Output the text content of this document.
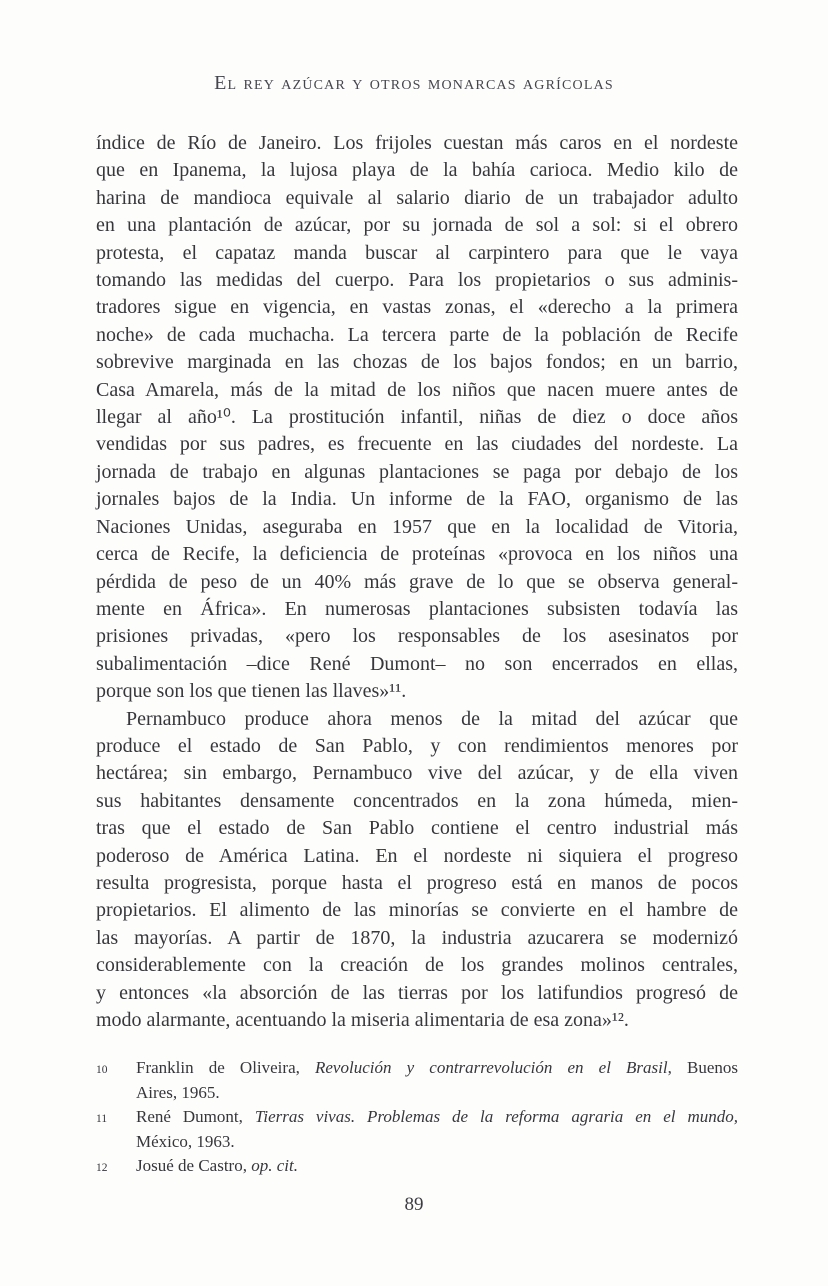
El rey azúcar y otros monarcas agrícolas
índice de Río de Janeiro. Los frijoles cuestan más caros en el nordeste
que en Ipanema, la lujosa playa de la bahía carioca. Medio kilo de
harina de mandioca equivale al salario diario de un trabajador adulto
en una plantación de azúcar, por su jornada de sol a sol: si el obrero
protesta, el capataz manda buscar al carpintero para que le vaya
tomando las medidas del cuerpo. Para los propietarios o sus adminis-
tradores sigue en vigencia, en vastas zonas, el «derecho a la primera
noche» de cada muchacha. La tercera parte de la población de Recife
sobrevive marginada en las chozas de los bajos fondos; en un barrio,
Casa Amarela, más de la mitad de los niños que nacen muere antes de
llegar al año¹⁰. La prostitución infantil, niñas de diez o doce años
vendidas por sus padres, es frecuente en las ciudades del nordeste. La
jornada de trabajo en algunas plantaciones se paga por debajo de los
jornales bajos de la India. Un informe de la FAO, organismo de las
Naciones Unidas, aseguraba en 1957 que en la localidad de Vitoria,
cerca de Recife, la deficiencia de proteínas «provoca en los niños una
pérdida de peso de un 40% más grave de lo que se observa general-
mente en África». En numerosas plantaciones subsisten todavía las
prisiones privadas, «pero los responsables de los asesinatos por
subalimentación –dice René Dumont– no son encerrados en ellas,
porque son los que tienen las llaves»¹¹.
Pernambuco produce ahora menos de la mitad del azúcar que
produce el estado de San Pablo, y con rendimientos menores por
hectárea; sin embargo, Pernambuco vive del azúcar, y de ella viven
sus habitantes densamente concentrados en la zona húmeda, mien-
tras que el estado de San Pablo contiene el centro industrial más
poderoso de América Latina. En el nordeste ni siquiera el progreso
resulta progresista, porque hasta el progreso está en manos de pocos
propietarios. El alimento de las minorías se convierte en el hambre de
las mayorías. A partir de 1870, la industria azucarera se modernizó
considerablemente con la creación de los grandes molinos centrales,
y entonces «la absorción de las tierras por los latifundios progresó de
modo alarmante, acentuando la miseria alimentaria de esa zona»¹².
10	Franklin de Oliveira, Revolución y contrarrevolución en el Brasil, Buenos
Aires, 1965.
11	René Dumont, Tierras vivas. Problemas de la reforma agraria en el mundo,
México, 1963.
12	Josué de Castro, op. cit.
89
